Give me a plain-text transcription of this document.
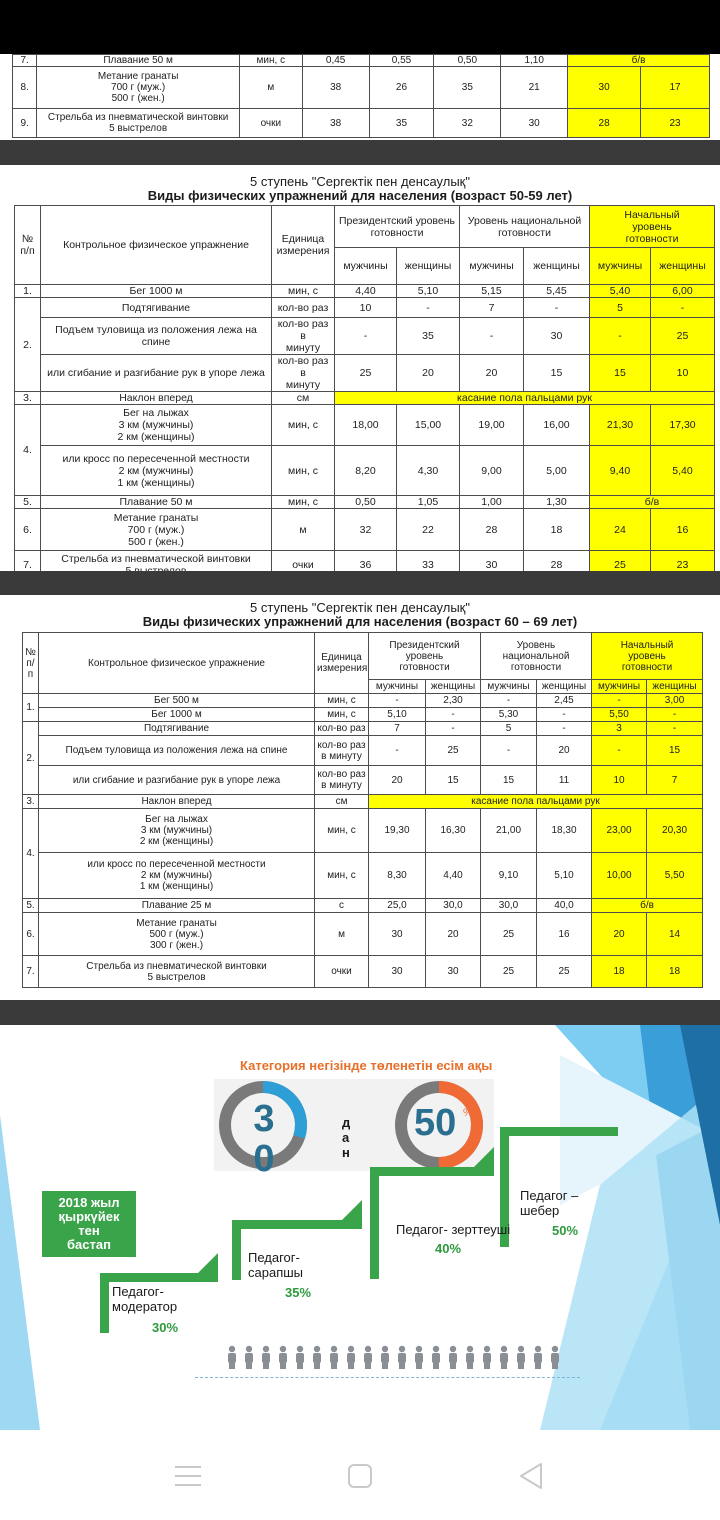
7.	Плавание 50 м	мин, с	0,45	0,55	0,50	1,10	б/в	
8.	Метание гранаты
700 г (муж.)
500 г (жен.)	м	38	26	35	21	30	17
9.	Стрельба из пневматической винтовки
5 выстрелов	очки	38	35	32	30	28	23
5 ступень "Сергектік пен денсаулық"
Виды физических упражнений для населения (возраст 50-59 лет)
№
п/п	Контрольное физическое упражнение	Единица
измерения	Президентский уровень
готовности		Уровень национальной
готовности		Начальный
уровень
готовности	
			мужчины	женщины	мужчины	женщины	мужчины	женщины
1.	Бег 1000 м	мин, с	4,40	5,10	5,15	5,45	5,40	6,00
2.	Подтягивание	кол-во раз	10	-	7	-	5	-
	Подъем туловища из положения лежа на
спине	кол-во раз в
минуту	-	35	-	30	-	25
	или сгибание и разгибание рук в упоре лежа	кол-во раз в
минуту	25	20	20	15	15	10
3.	Наклон вперед	см	касание пола пальцами рук					
4.	Бег на лыжах
3 км (мужчины)
2 км (женщины)	мин, с	18,00	15,00	19,00	16,00	21,30	17,30
	или кросс по пересеченной местности
2 км (мужчины)
1 км (женщины)	мин, с	8,20	4,30	9,00	5,00	9,40	5,40
5.	Плавание 50 м	мин, с	0,50	1,05	1,00	1,30	б/в	
6.	Метание гранаты
700 г (муж.)
500 г (жен.)	м	32	22	28	18	24	16
7.	Стрельба из пневматической винтовки	очки	36	33	30	28	25	23
5 ступень "Сергектік пен денсаулық"
Виды физических упражнений для населения (возраст 60 – 69 лет)
№
п/
п	Контрольное физическое упражнение	Единица
измерения	Президентский
уровень
готовности		Уровень
национальной
готовности		Начальный
уровень
готовности	
			мужчины	женщины	мужчины	женщины	мужчины	женщины
1.	Бег 500 м	мин, с	-	2,30	-	2,45	-	3,00
	Бег 1000 м	мин, с	5,10	-	5,30	-	5,50	-
2.	Подтягивание	кол-во раз	7	-	5	-	3	-
	Подъем туловища из положения лежа на спине	кол-во раз
в минуту	-	25	-	20	-	15
	или сгибание и разгибание рук в упоре лежа	кол-во раз
в минуту	20	15	15	11	10	7
3.	Наклон вперед	см	касание пола пальцами рук					
4.	Бег на лыжах
3 км (мужчины)
2 км (женщины)	мин, с	19,30	16,30	21,00	18,30	23,00	20,30
	или кросс по пересеченной местности
2 км (мужчины)
1 км (женщины)	мин, с	8,30	4,40	9,10	5,10	10,00	5,50
5.	Плавание 25 м	с	25,0	30,0	30,0	40,0	б/в	
6.	Метание гранаты
500 г (муж.)
300 г (жен.)	м	30	20	25	16	20	14
7.	Стрельба из пневматической винтовки
5 выстрелов	очки	30	30	25	25	18	18
Категория негізінде төленетін есім ақы
30
%
дан
50 %
2018 жыл
қыркүйек
тен
бастап
Педагог-
модератор
30%
Педагог-
сарапшы
35%
Педагог- зерттеуші
40%
Педагог –
шебер
50%
